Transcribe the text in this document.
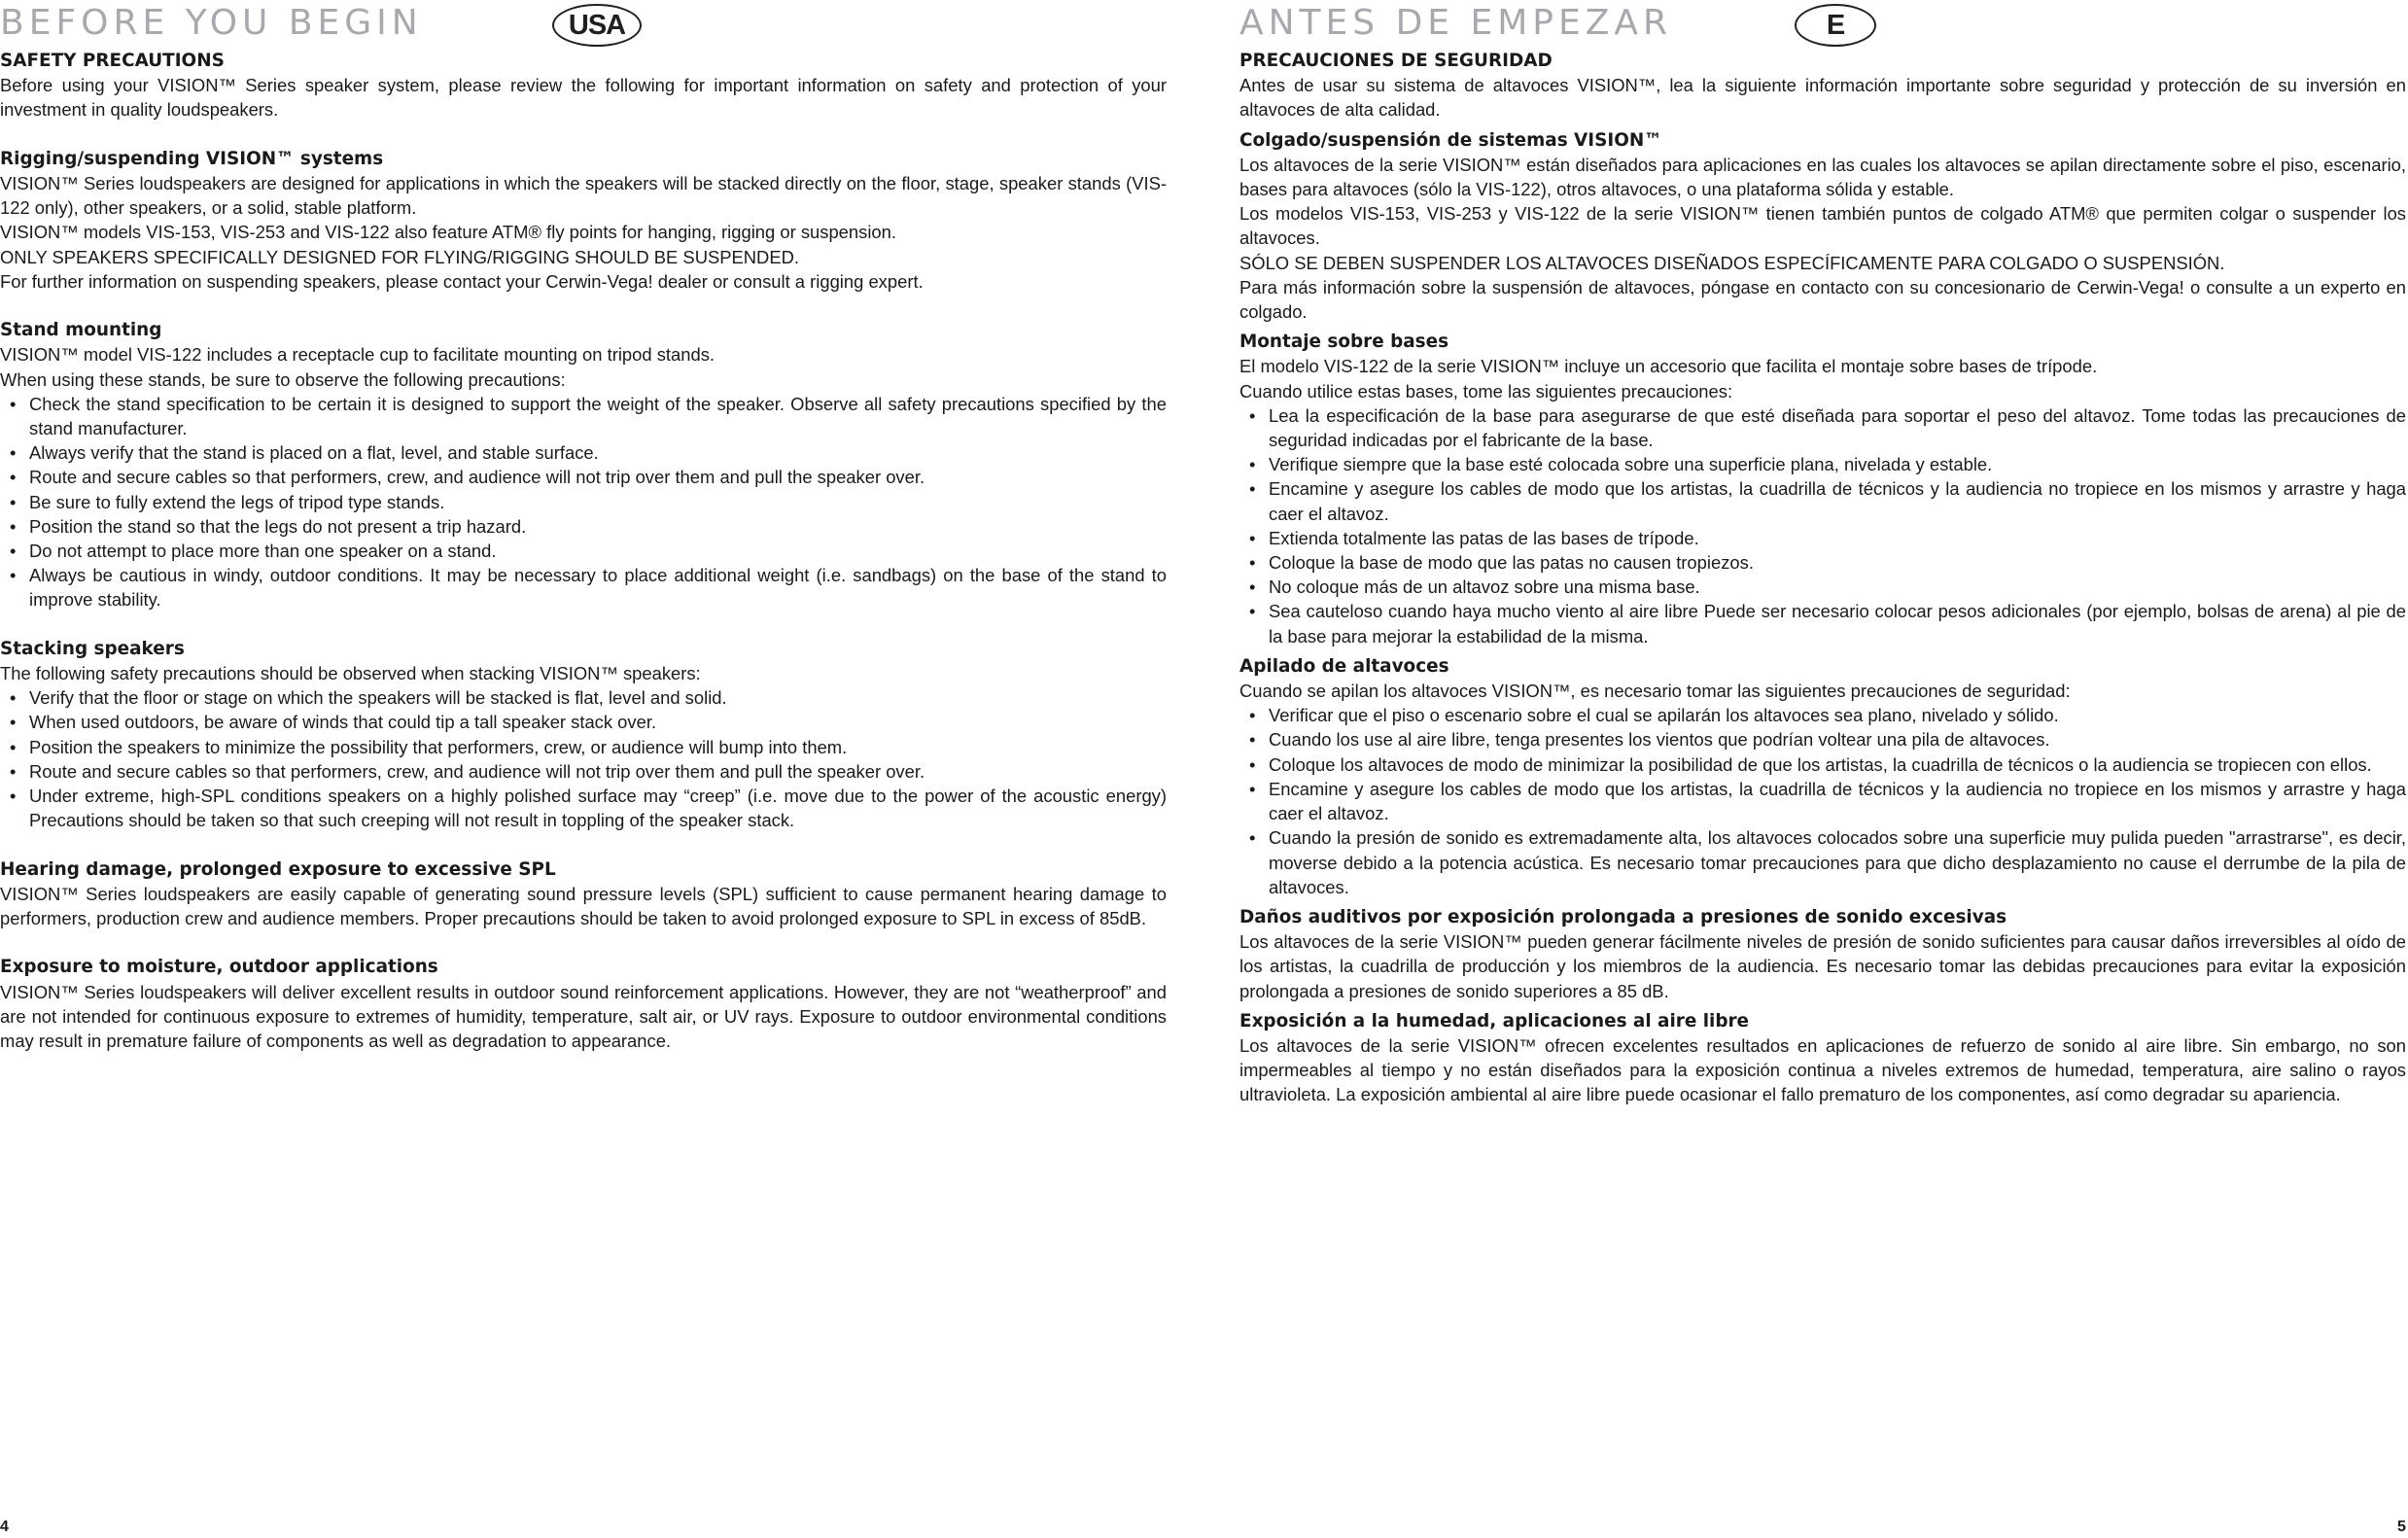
BEFORE YOU BEGIN	USA
SAFETY PRECAUTIONS

Before using your VISION™ Series speaker system, please review the following for important information on safety and protection of your investment in quality loudspeakers.

Rigging/suspending VISION™ systems

VISION™ Series loudspeakers are designed for applications in which the speakers will be stacked directly on the floor, stage, speaker stands (VIS-122 only), other speakers, or a solid, stable platform.

VISION™ models VIS-153, VIS-253 and VIS-122 also feature ATM® fly points for hanging, rigging or suspension.

ONLY SPEAKERS SPECIFICALLY DESIGNED FOR FLYING/RIGGING SHOULD BE SUSPENDED.

For further information on suspending speakers, please contact your Cerwin-Vega! dealer or consult a rigging expert.

Stand mounting

VISION™ model VIS-122 includes a receptacle cup to facilitate mounting on tripod stands.

When using these stands, be sure to observe the following precautions:

• Check the stand specification to be certain it is designed to support the weight of the speaker. Observe all safety precautions specified by the stand manufacturer.
• Always verify that the stand is placed on a flat, level, and stable surface.
• Route and secure cables so that performers, crew, and audience will not trip over them and pull the speaker over.
• Be sure to fully extend the legs of tripod type stands.
• Position the stand so that the legs do not present a trip hazard.
• Do not attempt to place more than one speaker on a stand.
• Always be cautious in windy, outdoor conditions. It may be necessary to place additional weight (i.e. sandbags) on the base of the stand to improve stability.
Stacking speakers

The following safety precautions should be observed when stacking VISION™ speakers:

• Verify that the floor or stage on which the speakers will be stacked is flat, level and solid.
• When used outdoors, be aware of winds that could tip a tall speaker stack over.
• Position the speakers to minimize the possibility that performers, crew, or audience will bump into them.
• Route and secure cables so that performers, crew, and audience will not trip over them and pull the speaker over.
• Under extreme, high-SPL conditions speakers on a highly polished surface may “creep” (i.e. move due to the power of the acoustic energy) Precautions should be taken so that such creeping will not result in toppling of the speaker stack.
Hearing damage, prolonged exposure to excessive SPL

VISION™ Series loudspeakers are easily capable of generating sound pressure levels (SPL) sufficient to cause permanent hearing damage to performers, production crew and audience members. Proper precautions should be taken to avoid prolonged exposure to SPL in excess of 85dB.

Exposure to moisture, outdoor applications

VISION™ Series loudspeakers will deliver excellent results in outdoor sound reinforcement applications. However, they are not “weatherproof” and are not intended for continuous exposure to extremes of humidity, temperature, salt air, or UV rays. Exposure to outdoor environmental conditions may result in premature failure of components as well as degradation to appearance.

ANTES DE EMPEZAR	E
PRECAUCIONES DE SEGURIDAD

Antes de usar su sistema de altavoces VISION™, lea la siguiente información importante sobre seguridad y protección de su inversión en altavoces de alta calidad.

Colgado/suspensión de sistemas VISION™

Los altavoces de la serie VISION™ están diseñados para aplicaciones en las cuales los altavoces se apilan directamente sobre el piso, escenario, bases para altavoces (sólo la VIS-122), otros altavoces, o una plataforma sólida y estable.

Los modelos VIS-153, VIS-253 y VIS-122 de la serie VISION™ tienen también puntos de colgado ATM® que permiten colgar o suspender los altavoces.

SÓLO SE DEBEN SUSPENDER LOS ALTAVOCES DISEÑADOS ESPECÍFICAMENTE PARA COLGADO O SUSPENSIÓN.

Para más información sobre la suspensión de altavoces, póngase en contacto con su concesionario de Cerwin-Vega! o consulte a un experto en colgado.

Montaje sobre bases

El modelo VIS-122 de la serie VISION™ incluye un accesorio que facilita el montaje sobre bases de trípode.

Cuando utilice estas bases, tome las siguientes precauciones:

• Lea la especificación de la base para asegurarse de que esté diseñada para soportar el peso del altavoz. Tome todas las precauciones de seguridad indicadas por el fabricante de la base.
• Verifique siempre que la base esté colocada sobre una superficie plana, nivelada y estable.
• Encamine y asegure los cables de modo que los artistas, la cuadrilla de técnicos y la audiencia no tropiece en los mismos y arrastre y haga caer el altavoz.
• Extienda totalmente las patas de las bases de trípode.
• Coloque la base de modo que las patas no causen tropiezos.
• No coloque más de un altavoz sobre una misma base.
• Sea cauteloso cuando haya mucho viento al aire libre Puede ser necesario colocar pesos adicionales (por ejemplo, bolsas de arena) al pie de la base para mejorar la estabilidad de la misma.
Apilado de altavoces

Cuando se apilan los altavoces VISION™, es necesario tomar las siguientes precauciones de seguridad:

• Verificar que el piso o escenario sobre el cual se apilarán los altavoces sea plano, nivelado y sólido.
• Cuando los use al aire libre, tenga presentes los vientos que podrían voltear una pila de altavoces.
• Coloque los altavoces de modo de minimizar la posibilidad de que los artistas, la cuadrilla de técnicos o la audiencia se tropiecen con ellos.
• Encamine y asegure los cables de modo que los artistas, la cuadrilla de técnicos y la audiencia no tropiece en los mismos y arrastre y haga caer el altavoz.
• Cuando la presión de sonido es extremadamente alta, los altavoces colocados sobre una superficie muy pulida pueden "arrastrarse", es decir, moverse debido a la potencia acústica. Es necesario tomar precauciones para que dicho desplazamiento no cause el derrumbe de la pila de altavoces.
Daños auditivos por exposición prolongada a presiones de sonido excesivas

Los altavoces de la serie VISION™ pueden generar fácilmente niveles de presión de sonido suficientes para causar daños irreversibles al oído de los artistas, la cuadrilla de producción y los miembros de la audiencia. Es necesario tomar las debidas precauciones para evitar la exposición prolongada a presiones de sonido superiores a 85 dB.

Exposición a la humedad, aplicaciones al aire libre

Los altavoces de la serie VISION™ ofrecen excelentes resultados en aplicaciones de refuerzo de sonido al aire libre. Sin embargo, no son impermeables al tiempo y no están diseñados para la exposición continua a niveles extremos de humedad, temperatura, aire salino o rayos ultravioleta. La exposición ambiental al aire libre puede ocasionar el fallo prematuro de los componentes, así como degradar su apariencia.

4	5
